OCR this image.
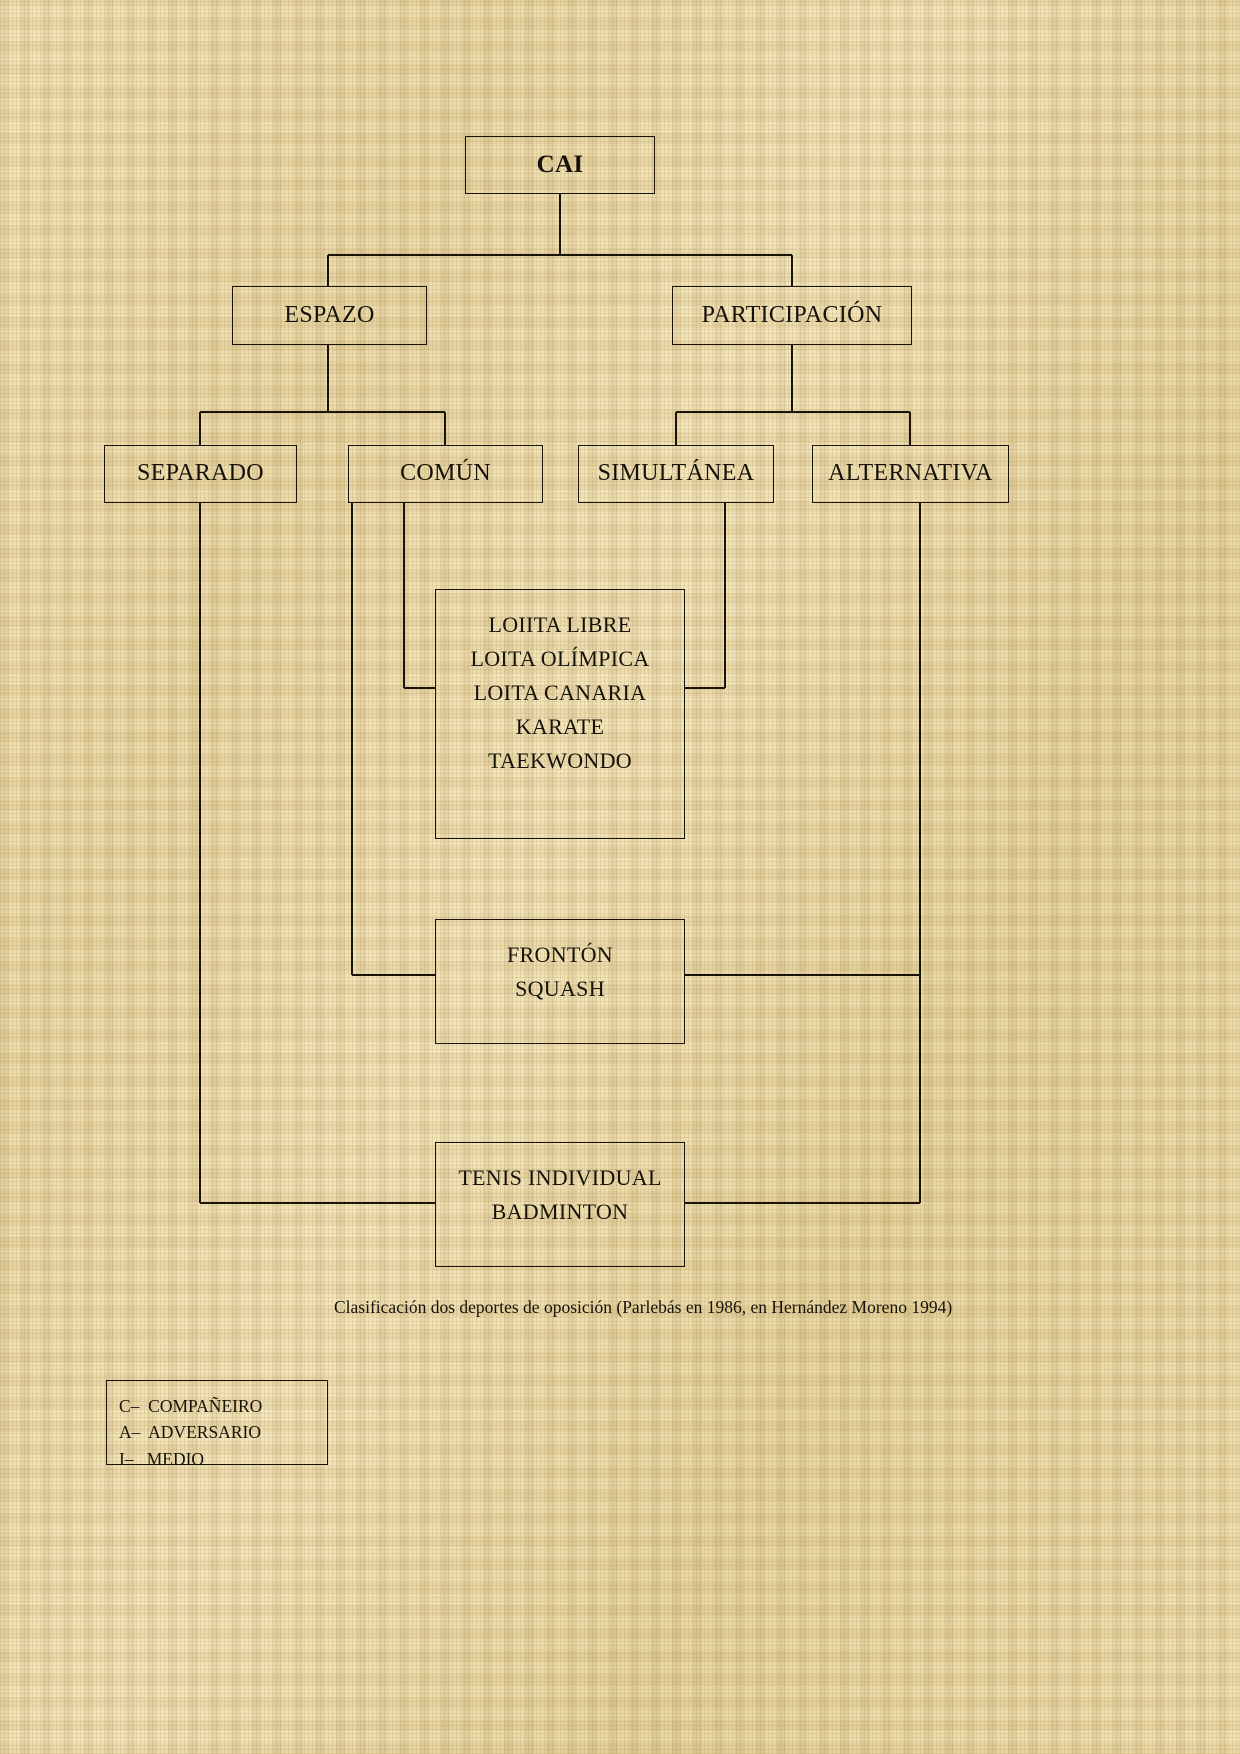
CAI
ESPAZO	PARTICIPACIÓN
SEPARADO	COMÚN	SIMULTÁNEA	ALTERNATIVA
LOIITA LIBRE
LOITA OLÍMPICA
LOITA CANARIA
KARATE
TAEKWONDO
FRONTÓN
SQUASH
TENIS INDIVIDUAL
BADMINTON
Clasificación dos deportes de oposición (Parlebás en 1986, en Hernández Moreno 1994)
C–  COMPAÑEIRO
A–  ADVERSARIO
I–   MEDIO
